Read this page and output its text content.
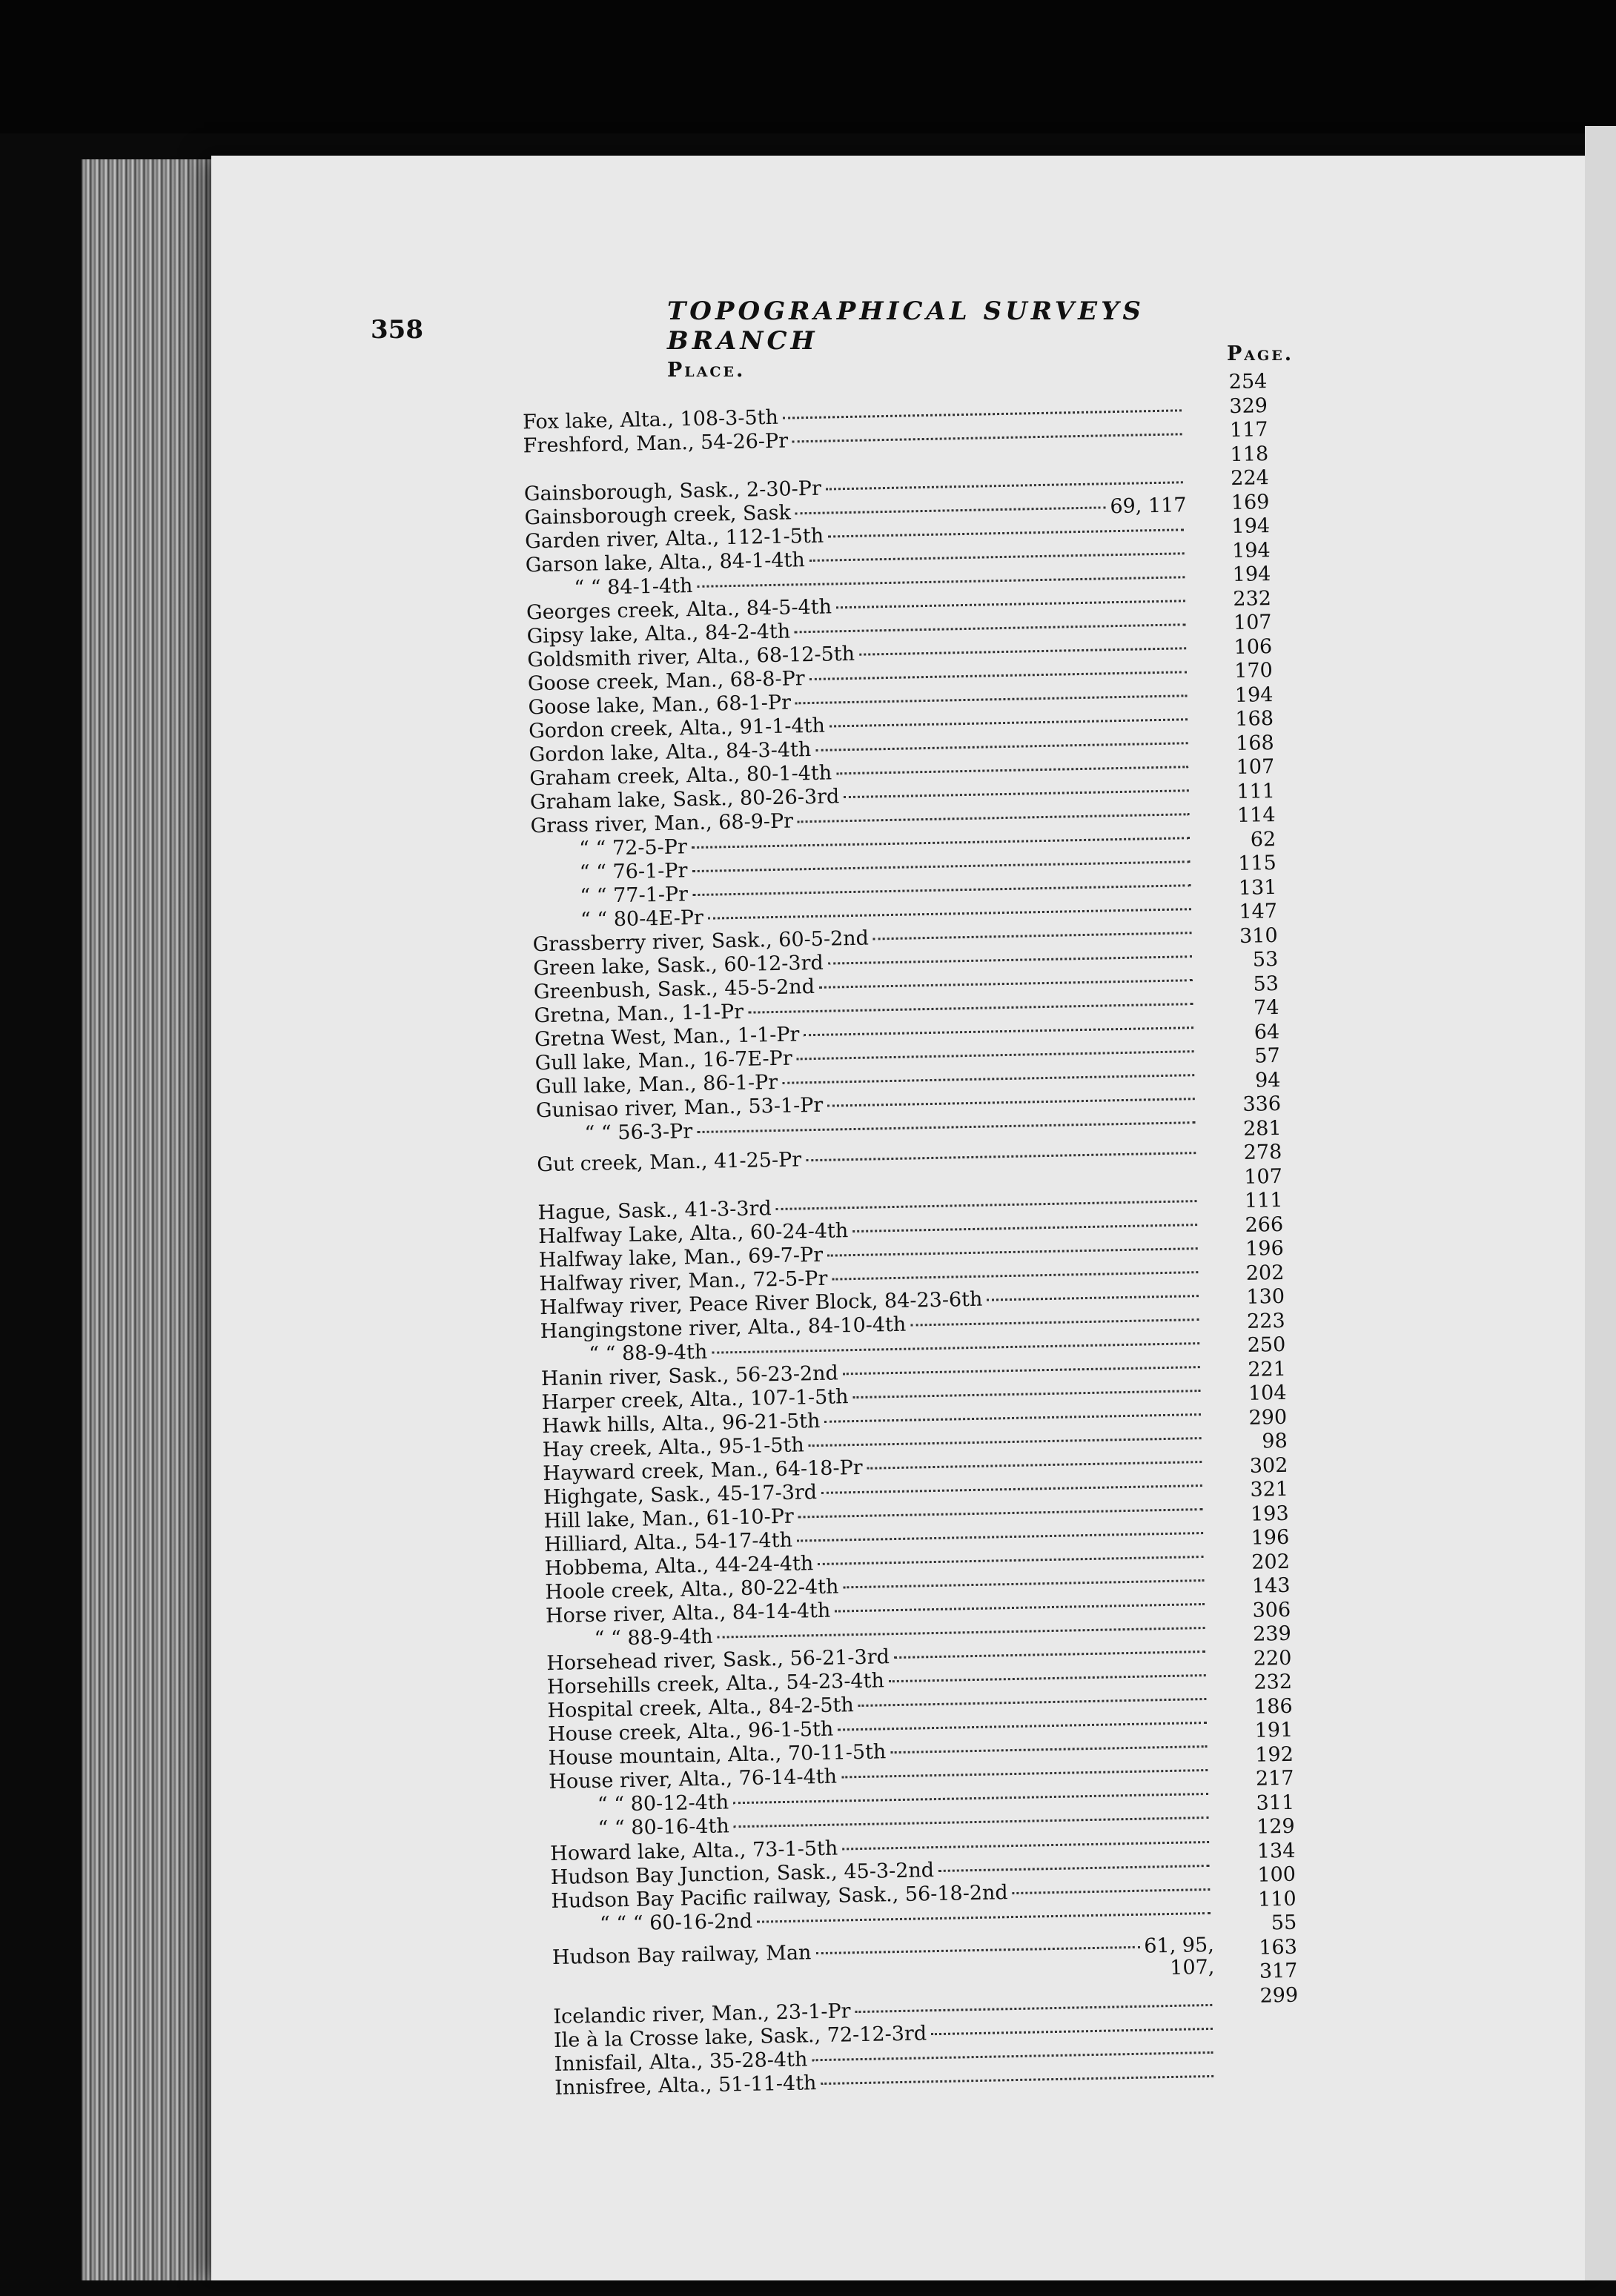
358
TOPOGRAPHICAL SURVEYS BRANCH
Place.
Page.
Fox lake, Alta., 108-3-5th
Freshford, Man., 54-26-Pr
Gainsborough, Sask., 2-30-Pr
Gainsborough creek, Sask	69, 117
Garden river, Alta., 112-1-5th
Garson lake, Alta., 84-1-4th
“ “ 84-1-4th
Georges creek, Alta., 84-5-4th
Gipsy lake, Alta., 84-2-4th
Goldsmith river, Alta., 68-12-5th
Goose creek, Man., 68-8-Pr
Goose lake, Man., 68-1-Pr
Gordon creek, Alta., 91-1-4th
Gordon lake, Alta., 84-3-4th
Graham creek, Alta., 80-1-4th
Graham lake, Sask., 80-26-3rd
Grass river, Man., 68-9-Pr
“ “ 72-5-Pr
“ “ 76-1-Pr
“ “ 77-1-Pr
“ “ 80-4E-Pr
Grassberry river, Sask., 60-5-2nd
Green lake, Sask., 60-12-3rd
Greenbush, Sask., 45-5-2nd
Gretna, Man., 1-1-Pr
Gretna West, Man., 1-1-Pr
Gull lake, Man., 16-7E-Pr
Gull lake, Man., 86-1-Pr
Gunisao river, Man., 53-1-Pr
“ “ 56-3-Pr
Gut creek, Man., 41-25-Pr
Hague, Sask., 41-3-3rd
Halfway Lake, Alta., 60-24-4th
Halfway lake, Man., 69-7-Pr
Halfway river, Man., 72-5-Pr
Halfway river, Peace River Block, 84-23-6th
Hangingstone river, Alta., 84-10-4th
“ “ 88-9-4th
Hanin river, Sask., 56-23-2nd
Harper creek, Alta., 107-1-5th
Hawk hills, Alta., 96-21-5th
Hay creek, Alta., 95-1-5th
Hayward creek, Man., 64-18-Pr
Highgate, Sask., 45-17-3rd
Hill lake, Man., 61-10-Pr
Hilliard, Alta., 54-17-4th
Hobbema, Alta., 44-24-4th
Hoole creek, Alta., 80-22-4th
Horse river, Alta., 84-14-4th
“ “ 88-9-4th
Horsehead river, Sask., 56-21-3rd
Horsehills creek, Alta., 54-23-4th
Hospital creek, Alta., 84-2-5th
House creek, Alta., 96-1-5th
House mountain, Alta., 70-11-5th
House river, Alta., 76-14-4th
“ “ 80-12-4th
“ “ 80-16-4th
Howard lake, Alta., 73-1-5th
Hudson Bay Junction, Sask., 45-3-2nd
Hudson Bay Pacific railway, Sask., 56-18-2nd
“ “ “ 60-16-2nd
Hudson Bay railway, Man	61, 95,
107,
Icelandic river, Man., 23-1-Pr
Ile à la Crosse lake, Sask., 72-12-3rd
Innisfail, Alta., 35-28-4th
Innisfree, Alta., 51-11-4th
254
329
117
118
224
169
194
194
194
232
107
106
170
194
168
168
107
111
114
62
115
131
147
310
53
53
74
64
57
94
336
281
278
107
111
266
196
202
130
223
250
221
104
290
98
302
321
193
196
202
143
306
239
220
232
186
191
192
217
311
129
134
100
110
55
163
317
299
